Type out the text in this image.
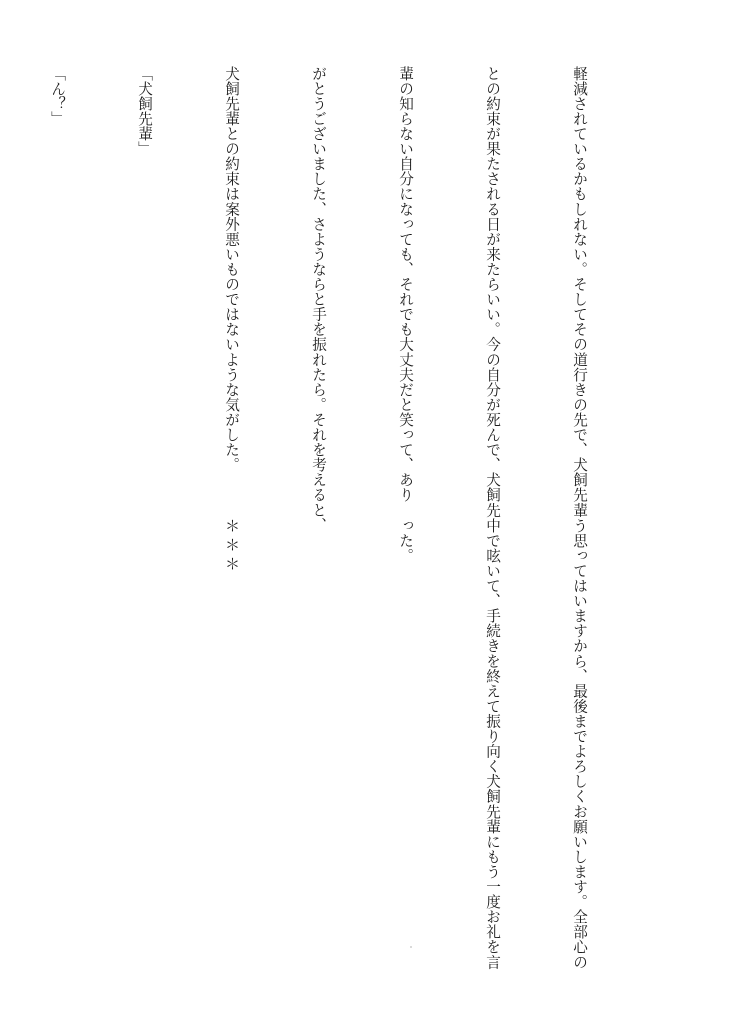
軽減されているかもしれない。そしてその道行きの先で、犬飼先輩

との約束が果たされる日が来たらいい。今の自分が死んで、犬飼先

輩の知らない自分になっても、それでも大丈夫だと笑って、あり

がとうございました、さようならと手を振れたら。それを考えると、

犬飼先輩との約束は案外悪いものではないような気がした。

「犬飼先輩」

「ん？」

う思ってはいますから、最後までよろしくお願いします。全部心の

中で呟いて、手続きを終えて振り向く犬飼先輩にもう一度お礼を言

った。

＊＊＊
